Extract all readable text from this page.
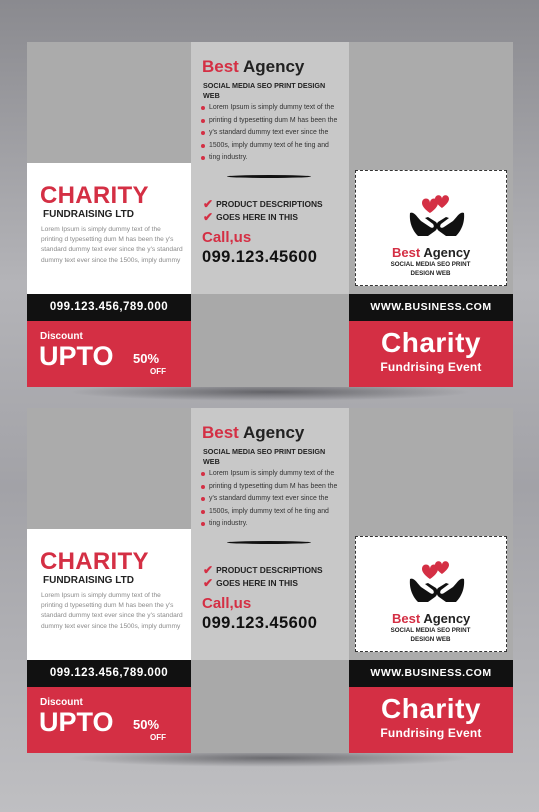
CHARITY
FUNDRAISING LTD
Lorem Ipsum is simply dummy text of the printing d typesetting dum M has been the y's standard dummy text ever since the y's standard dummy text ever since the 1500s, imply dummy
099.123.456,789.000
Discount
UPTO 50%
OFF
Best Agency
SOCIAL MEDIA SEO PRINT DESIGN WEB
Lorem Ipsum is simply dummy text of the
printing d typesetting dum M has been the
y's standard dummy text ever since the
1500s, imply dummy text of he ting and
ting industry.
✔ PRODUCT DESCRIPTIONS
✔ GOES HERE IN THIS
Call,us
099.123.45600	Best Agency
SOCIAL MEDIA SEO PRINT
DESIGN WEB
WWW.BUSINESS.COM
Charity
Fundrising Event
CHARITY
FUNDRAISING LTD
Lorem Ipsum is simply dummy text of the printing d typesetting dum M has been the y's standard dummy text ever since the y's standard dummy text ever since the 1500s, imply dummy
099.123.456,789.000
Discount
UPTO 50%
OFF
Best Agency
SOCIAL MEDIA SEO PRINT DESIGN WEB
Lorem Ipsum is simply dummy text of the
printing d typesetting dum M has been the
y's standard dummy text ever since the
1500s, imply dummy text of he ting and
ting industry.
✔ PRODUCT DESCRIPTIONS
✔ GOES HERE IN THIS
Call,us
099.123.45600	Best Agency
SOCIAL MEDIA SEO PRINT
DESIGN WEB
WWW.BUSINESS.COM
Charity
Fundrising Event
